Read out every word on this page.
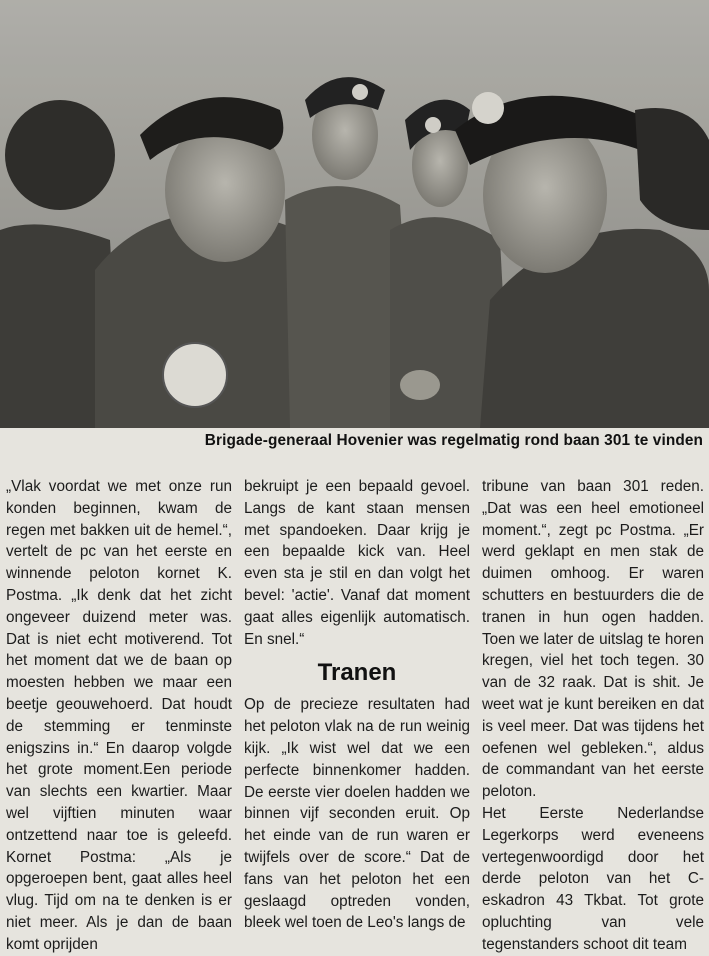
Brigade-generaal Hovenier was regelmatig rond baan 301 te vinden

„Vlak voordat we met onze run konden beginnen, kwam de regen met bakken uit de hemel.“, vertelt de pc van het eerste en winnende peloton kornet K. Postma. „Ik denk dat het zicht ongeveer duizend meter was. Dat is niet echt motiverend. Tot het moment dat we de baan op moesten hebben we maar een beetje geouwehoerd. Dat houdt de stemming er tenminste enigszins in.“ En daarop volgde het grote moment.Een periode van slechts een kwartier. Maar wel vijftien minuten waar ontzettend naar toe is geleefd. Kornet Postma: „Als je opgeroepen bent, gaat alles heel vlug. Tijd om na te denken is er niet meer. Als je dan de baan komt oprijden

bekruipt je een bepaald gevoel. Langs de kant staan mensen met spandoeken. Daar krijg je een bepaalde kick van. Heel even sta je stil en dan volgt het bevel: 'actie'. Vanaf dat moment gaat alles eigenlijk automatisch. En snel.“

Tranen

Op de precieze resultaten had het peloton vlak na de run weinig kijk. „Ik wist wel dat we een perfecte binnenkomer hadden. De eerste vier doelen hadden we binnen vijf seconden eruit. Op het einde van de run waren er twijfels over de score.“ Dat de fans van het peloton het een geslaagd optreden vonden, bleek wel toen de Leo's langs de

tribune van baan 301 reden. „Dat was een heel emotioneel moment.“, zegt pc Postma. „Er werd geklapt en men stak de duimen omhoog. Er waren schutters en bestuurders die de tranen in hun ogen hadden. Toen we later de uitslag te horen kregen, viel het toch tegen. 30 van de 32 raak. Dat is shit. Je weet wat je kunt bereiken en dat is veel meer. Dat was tijdens het oefenen wel gebleken.“, aldus de commandant van het eerste peloton.

Het Eerste Nederlandse Legerkorps werd eveneens vertegenwoordigd door het derde peloton van het C-eskadron 43 Tkbat. Tot grote opluchting van vele tegenstanders schoot dit team
